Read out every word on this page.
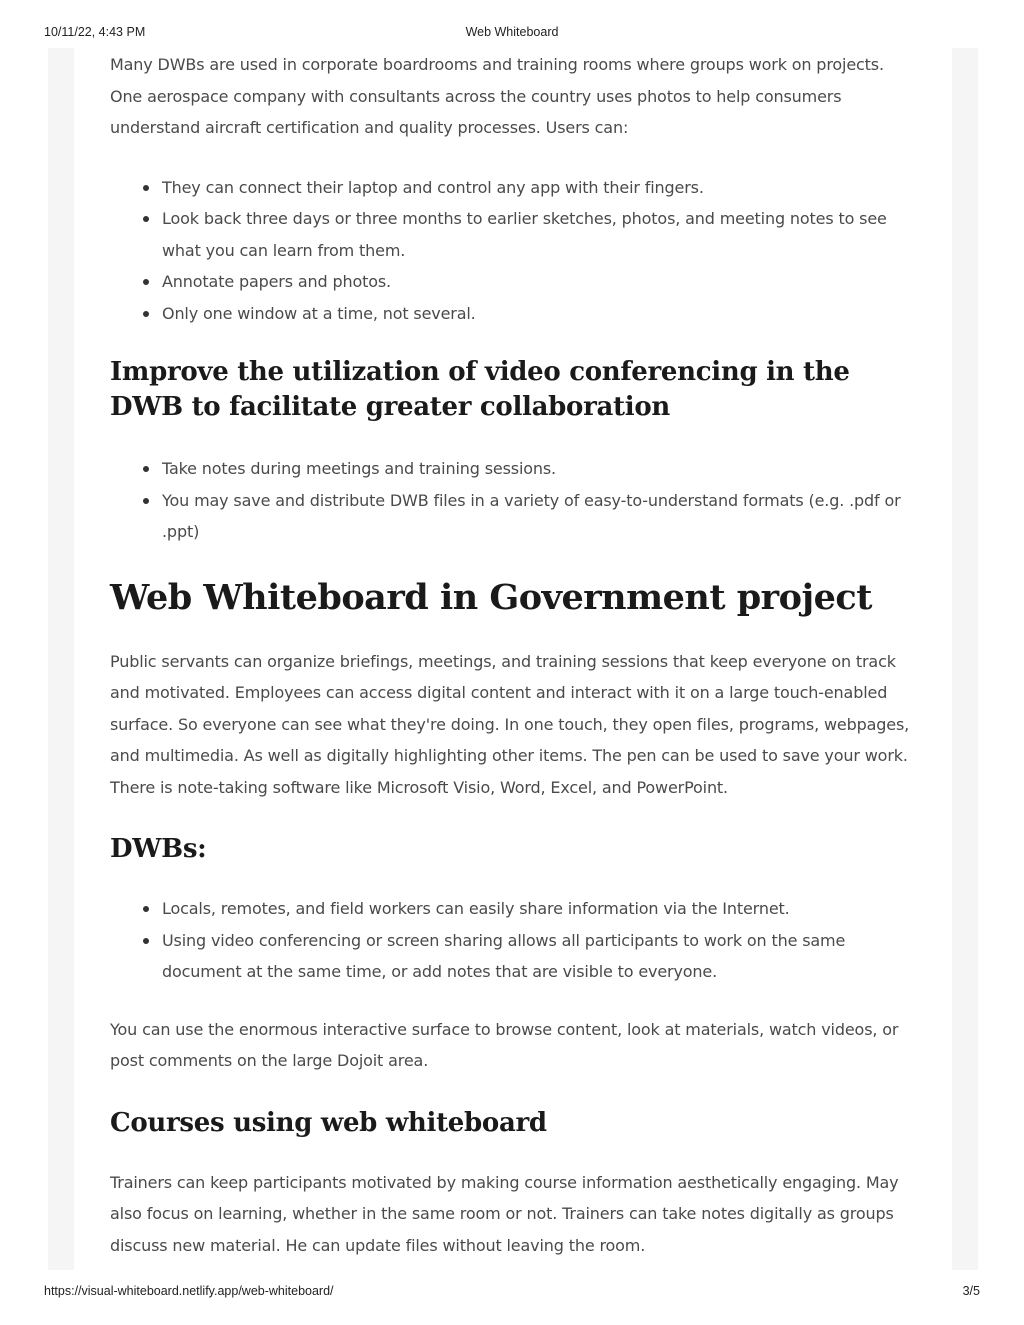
10/11/22, 4:43 PM	Web Whiteboard

Many DWBs are used in corporate boardrooms and training rooms where groups work on projects. One aerospace company with consultants across the country uses photos to help consumers understand aircraft certification and quality processes. Users can:

They can connect their laptop and control any app with their fingers.
Look back three days or three months to earlier sketches, photos, and meeting notes to see what you can learn from them.
Annotate papers and photos.
Only one window at a time, not several.
Improve the utilization of video conferencing in the DWB to facilitate greater collaboration
Take notes during meetings and training sessions.
You may save and distribute DWB files in a variety of easy-to-understand formats (e.g. .pdf or .ppt)
Web Whiteboard in Government project

Public servants can organize briefings, meetings, and training sessions that keep everyone on track and motivated. Employees can access digital content and interact with it on a large touch-enabled surface. So everyone can see what they're doing. In one touch, they open files, programs, webpages, and multimedia. As well as digitally highlighting other items. The pen can be used to save your work. There is note-taking software like Microsoft Visio, Word, Excel, and PowerPoint.

DWBs:
Locals, remotes, and field workers can easily share information via the Internet.
Using video conferencing or screen sharing allows all participants to work on the same document at the same time, or add notes that are visible to everyone.

You can use the enormous interactive surface to browse content, look at materials, watch videos, or post comments on the large Dojoit area.

Courses using web whiteboard

Trainers can keep participants motivated by making course information aesthetically engaging. May also focus on learning, whether in the same room or not. Trainers can take notes digitally as groups discuss new material. He can update files without leaving the room.

https://visual-whiteboard.netlify.app/web-whiteboard/	3/5
